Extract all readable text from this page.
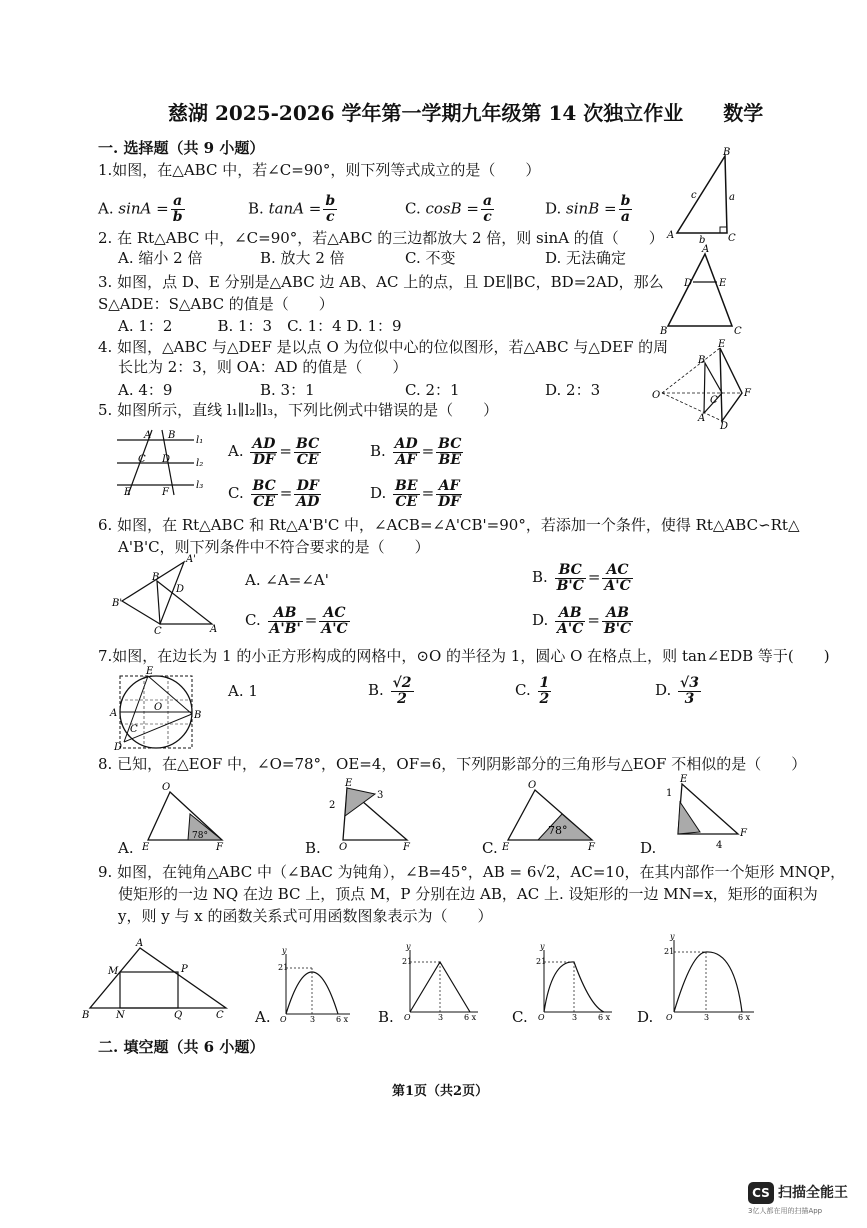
慈湖 2025-2026 学年第一学期九年级第 14 次独立作业　　数学
一. 选择题（共 9 小题）
1.如图，在△ABC 中，若∠C=90°，则下列等式成立的是（　　）
A. $\sin A = \frac{a}{b}$	B. $\tan A = \frac{b}{c}$	C. $\cos B = \frac{a}{c}$	D. $\sin B = \frac{b}{a}$
B
A	C
c	a
b
2. 在 Rt△ABC 中，∠C=90°，若△ABC 的三边都放大 2 倍，则 sinA 的值（　　）
A. 缩小 2 倍	B. 放大 2 倍	C. 不变	D. 无法确定
3. 如图，点 D、E 分别是△ABC 边 AB、AC 上的点，且 DE∥BC，BD=2AD，那么
S△ADE：S△ABC 的值是（　　）
A. 1：2　　　B. 1：3　C. 1：4 D. 1：9
A
D	E
B	C
4. 如图，△ABC 与△DEF 是以点 O 为位似中心的位似图形，若△ABC 与△DEF 的周
长比为 2：3，则 OA：AD 的值是（　　）
A. 4：9	B. 3：1	C. 2：1	D. 2：3	O
E
B
C
F
A
D
5. 如图所示，直线 l₁∥l₂∥l₃，下列比例式中错误的是（　　）
l₁
l₂
l₃
A
C D
E	F
B
A. $\frac{AD}{DF} = \frac{BC}{CE}$	B. $\frac{AD}{AF} = \frac{BC}{BE}$
C. $\frac{BC}{CE} = \frac{DF}{AD}$	D. $\frac{BE}{CE} = \frac{AF}{DF}$
6. 如图，在 Rt△ABC 和 Rt△A'B'C 中，∠ACB=∠A'CB'=90°，若添加一个条件，使得 Rt△ABC∽Rt△
A'B'C，则下列条件中不符合要求的是（　　）
A'
B
D
B'
C	A
A. ∠A=∠A'	B. $\frac{BC}{B'C} = \frac{AC}{A'C}$
C. $\frac{AB}{A'B'} = \frac{AC}{A'C}$	D. $\frac{AB}{A'C} = \frac{AB}{B'C}$
7.如图，在边长为 1 的小正方形构成的网格中，⊙O 的半径为 1，圆心 O 在格点上，则 tan∠EDB 等于(　　)
E
O
A	B
D
C
A. 1	B. $\frac{√2}{2}$	C. $\frac{1}{2}$	D. $\frac{√3}{3}$
8. 已知，在△EOF 中，∠O=78°，OE=4，OF=6，下列阴影部分的三角形与△EOF 不相似的是（　　）
A.
O
E	F
78°
B.
E
O	F
2
3
C.
O
E	F
78°
D.
E
F
1
4
9. 如图，在钝角△ABC 中（∠BAC 为钝角），∠B=45°，AB = 6√2，AC=10，在其内部作一个矩形 MNQP，
使矩形的一边 NQ 在边 BC 上，顶点 M，P 分别在边 AB，AC 上. 设矩形的一边 MN=x，矩形的面积为
y，则 y 与 x 的函数关系式可用函数图象表示为（　　）
A
M	P
B	N	Q	C A.
y
21
O	3	6 x B.
y
21
O	3	6 x C.
y
21
O	3	6 x D.
y
21
O	3	6 x
二. 填空题（共 6 小题）
第1页（共2页）
CS 扫描全能王
3亿人都在用的扫描App
